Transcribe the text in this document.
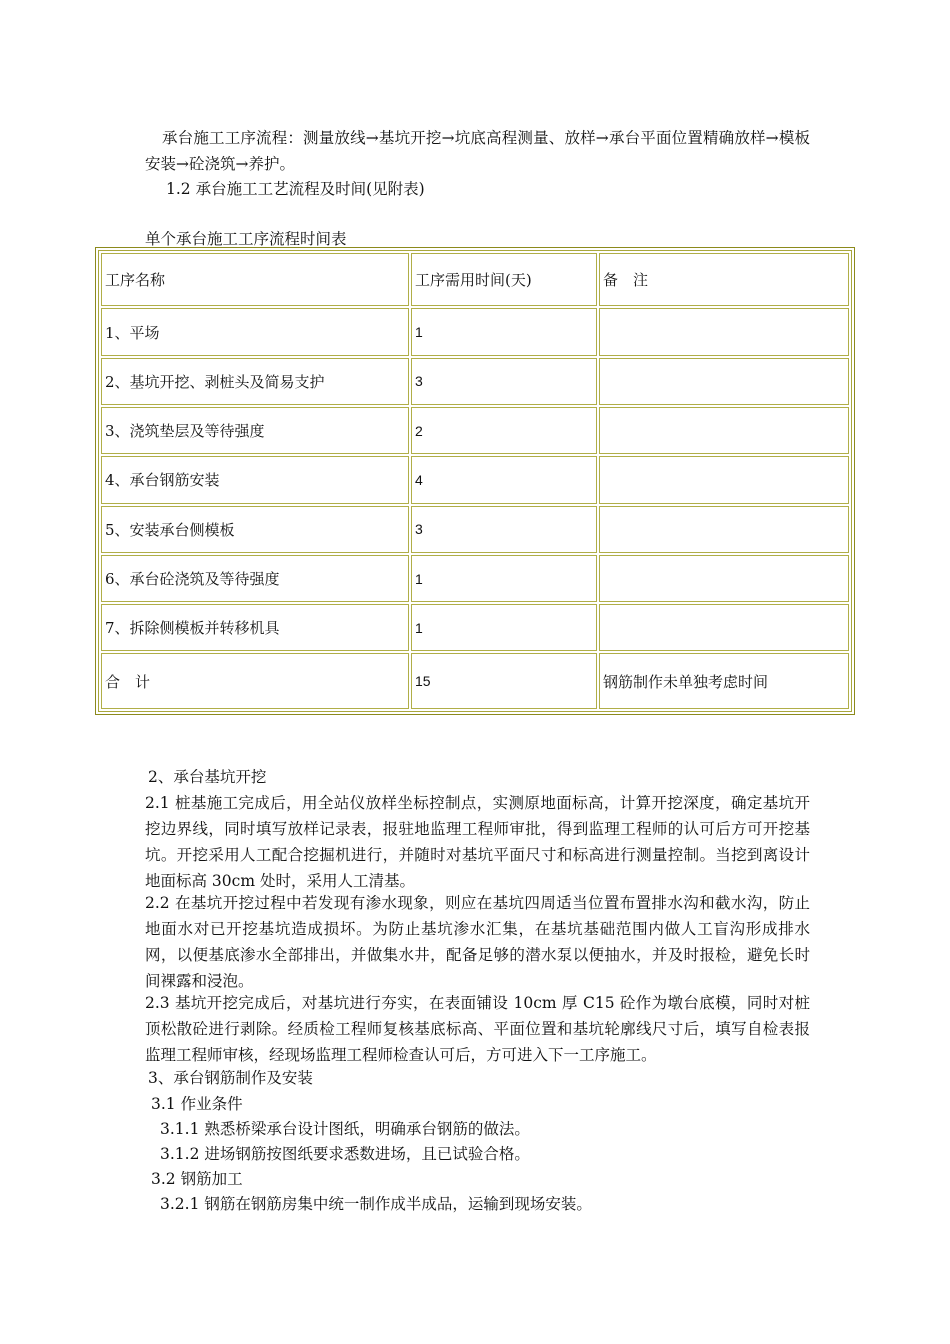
承台施工工序流程：测量放线→基坑开挖→坑底高程测量、放样→承台平面位置精确放样→模板安装→砼浇筑→养护。

1.2 承台施工工艺流程及时间(见附表)

单个承台施工工序流程时间表

工序名称	工序需用时间(天)	备　注
1、平场	1	
2、基坑开挖、剥桩头及简易支护	3	
3、浇筑垫层及等待强度	2	
4、承台钢筋安装	4	
5、安装承台侧模板	3	
6、承台砼浇筑及等待强度	1	
7、拆除侧模板并转移机具	1	
合　计	15	钢筋制作未单独考虑时间

2、承台基坑开挖

2.1 桩基施工完成后，用全站仪放样坐标控制点，实测原地面标高，计算开挖深度，确定基坑开挖边界线，同时填写放样记录表，报驻地监理工程师审批，得到监理工程师的认可后方可开挖基坑。开挖采用人工配合挖掘机进行，并随时对基坑平面尺寸和标高进行测量控制。当挖到离设计地面标高 30cm 处时，采用人工清基。

2.2 在基坑开挖过程中若发现有渗水现象，则应在基坑四周适当位置布置排水沟和截水沟，防止地面水对已开挖基坑造成损坏。为防止基坑渗水汇集，在基坑基础范围内做人工盲沟形成排水网，以便基底渗水全部排出，并做集水井，配备足够的潜水泵以便抽水，并及时报检，避免长时间裸露和浸泡。

2.3 基坑开挖完成后，对基坑进行夯实，在表面铺设 10cm 厚 C15 砼作为墩台底模，同时对桩顶松散砼进行剥除。经质检工程师复核基底标高、平面位置和基坑轮廓线尺寸后，填写自检表报监理工程师审核，经现场监理工程师检查认可后，方可进入下一工序施工。

3、承台钢筋制作及安装

3.1 作业条件

3.1.1 熟悉桥梁承台设计图纸，明确承台钢筋的做法。

3.1.2 进场钢筋按图纸要求悉数进场，且已试验合格。

3.2 钢筋加工

3.2.1 钢筋在钢筋房集中统一制作成半成品，运输到现场安装。
